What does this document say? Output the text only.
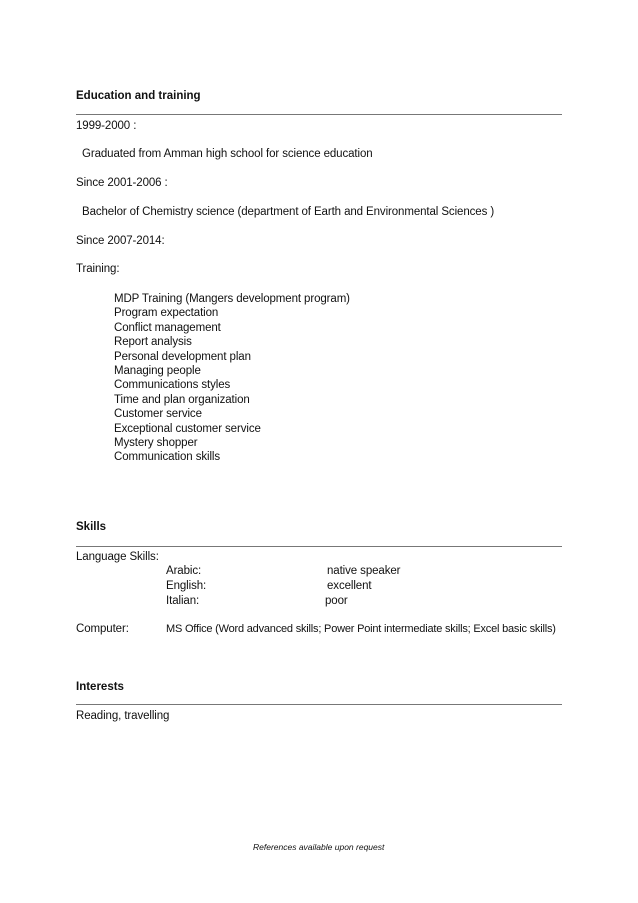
Education and training
1999-2000 :
Graduated from Amman high school for science education
Since 2001-2006 :
Bachelor of Chemistry science (department of Earth and Environmental Sciences )
Since 2007-2014:
Training:
MDP Training (Mangers development program)
Program expectation
Conflict management
Report analysis
Personal development plan
Managing people
Communications styles
Time and plan organization
Customer service
Exceptional customer service
Mystery shopper
Communication skills
Skills
Language Skills:
Arabic:	native speaker
English:	excellent
Italian:	poor
Computer:	MS Office (Word advanced skills; Power Point intermediate skills; Excel basic skills)
Interests
Reading, travelling
References available upon request
